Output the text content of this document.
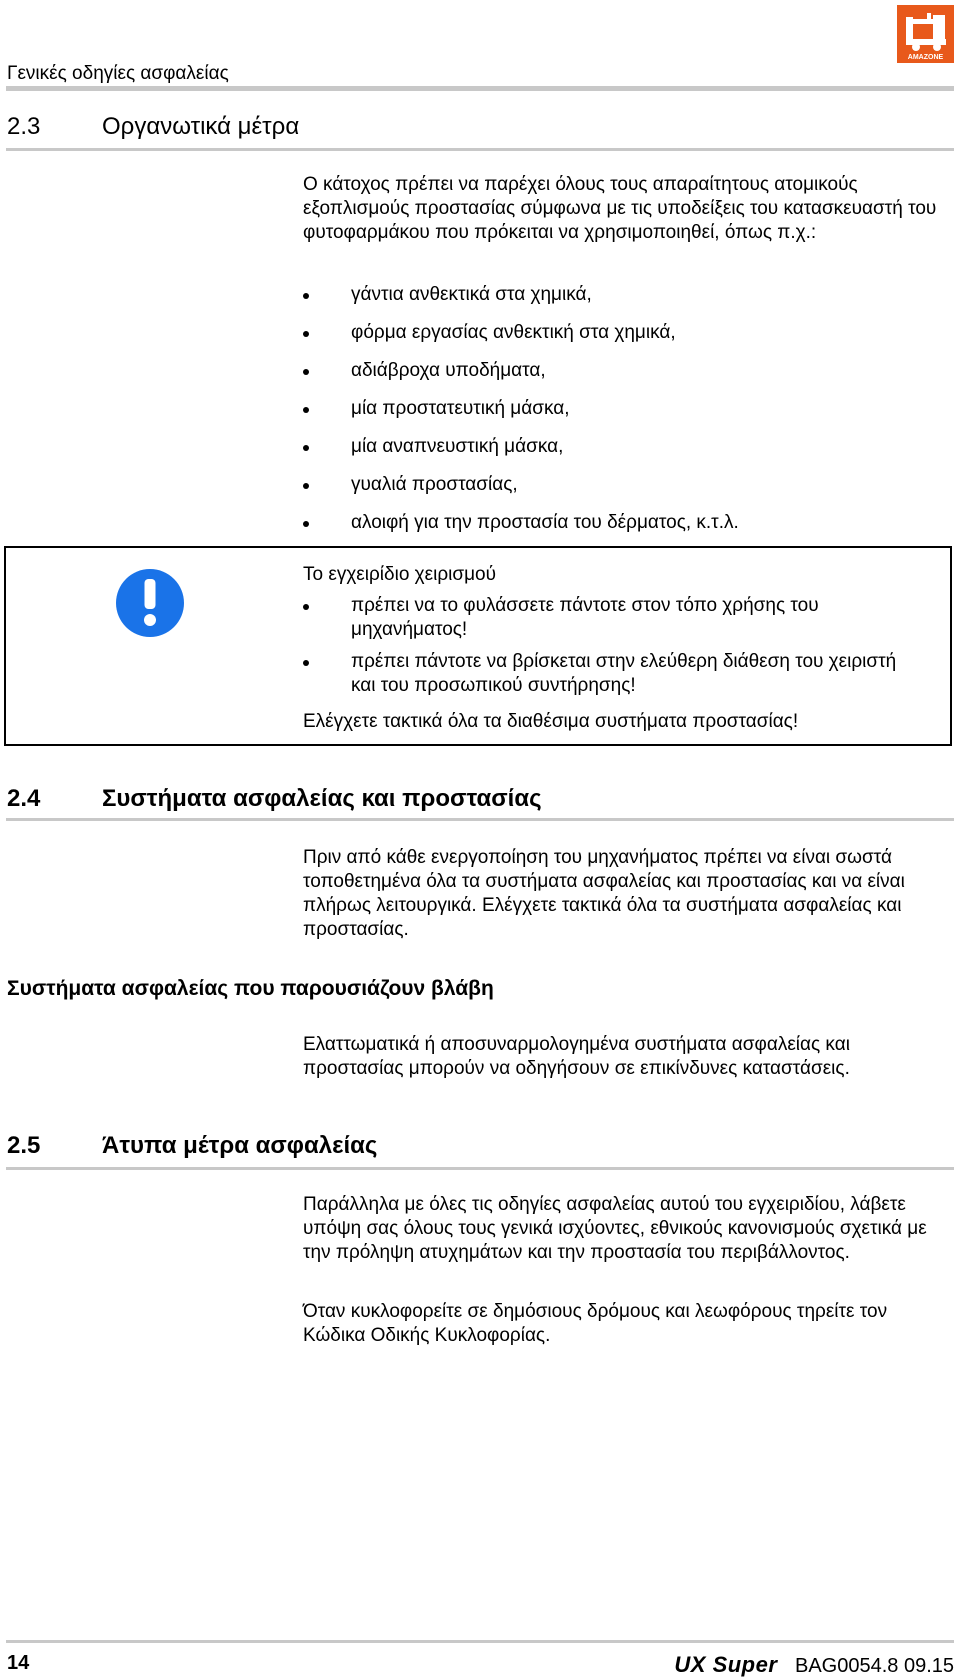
Γενικές οδηγίες ασφαλείας
AMAZONE
2.3	Οργανωτικά μέτρα
Ο κάτοχος πρέπει να παρέχει όλους τους απαραίτητους ατομικούς εξοπλισμούς προστασίας σύμφωνα με τις υποδείξεις του κατασκευαστή του φυτοφαρμάκου που πρόκειται να χρησιμοποιηθεί, όπως π.χ.:
γάντια ανθεκτικά στα χημικά,
φόρμα εργασίας ανθεκτική στα χημικά,
αδιάβροχα υποδήματα,
μία προστατευτική μάσκα,
μία αναπνευστική μάσκα,
γυαλιά προστασίας,
αλοιφή για την προστασία του δέρματος, κ.τ.λ.
Το εγχειρίδιο χειρισμού
πρέπει να το φυλάσσετε πάντοτε στον τόπο χρήσης του μηχανήματος!
πρέπει πάντοτε να βρίσκεται στην ελεύθερη διάθεση του χειριστή και του προσωπικού συντήρησης!
Ελέγχετε τακτικά όλα τα διαθέσιμα συστήματα προστασίας!
2.4	Συστήματα ασφαλείας και προστασίας
Πριν από κάθε ενεργοποίηση του μηχανήματος πρέπει να είναι σωστά τοποθετημένα όλα τα συστήματα ασφαλείας και προστασίας και να είναι πλήρως λειτουργικά. Ελέγχετε τακτικά όλα τα συστήματα ασφαλείας και προστασίας.
Συστήματα ασφαλείας που παρουσιάζουν βλάβη
Ελαττωματικά ή αποσυναρμολογημένα συστήματα ασφαλείας και προστασίας μπορούν να οδηγήσουν σε επικίνδυνες καταστάσεις.
2.5	Άτυπα μέτρα ασφαλείας
Παράλληλα με όλες τις οδηγίες ασφαλείας αυτού του εγχειριδίου, λάβετε υπόψη σας όλους τους γενικά ισχύοντες, εθνικούς κανονισμούς σχετικά με την πρόληψη ατυχημάτων και την προστασία του περιβάλλοντος.
Όταν κυκλοφορείτε σε δημόσιους δρόμους και λεωφόρους τηρείτε τον Κώδικα Οδικής Κυκλοφορίας.
14	UX Super BAG0054.8 09.15
